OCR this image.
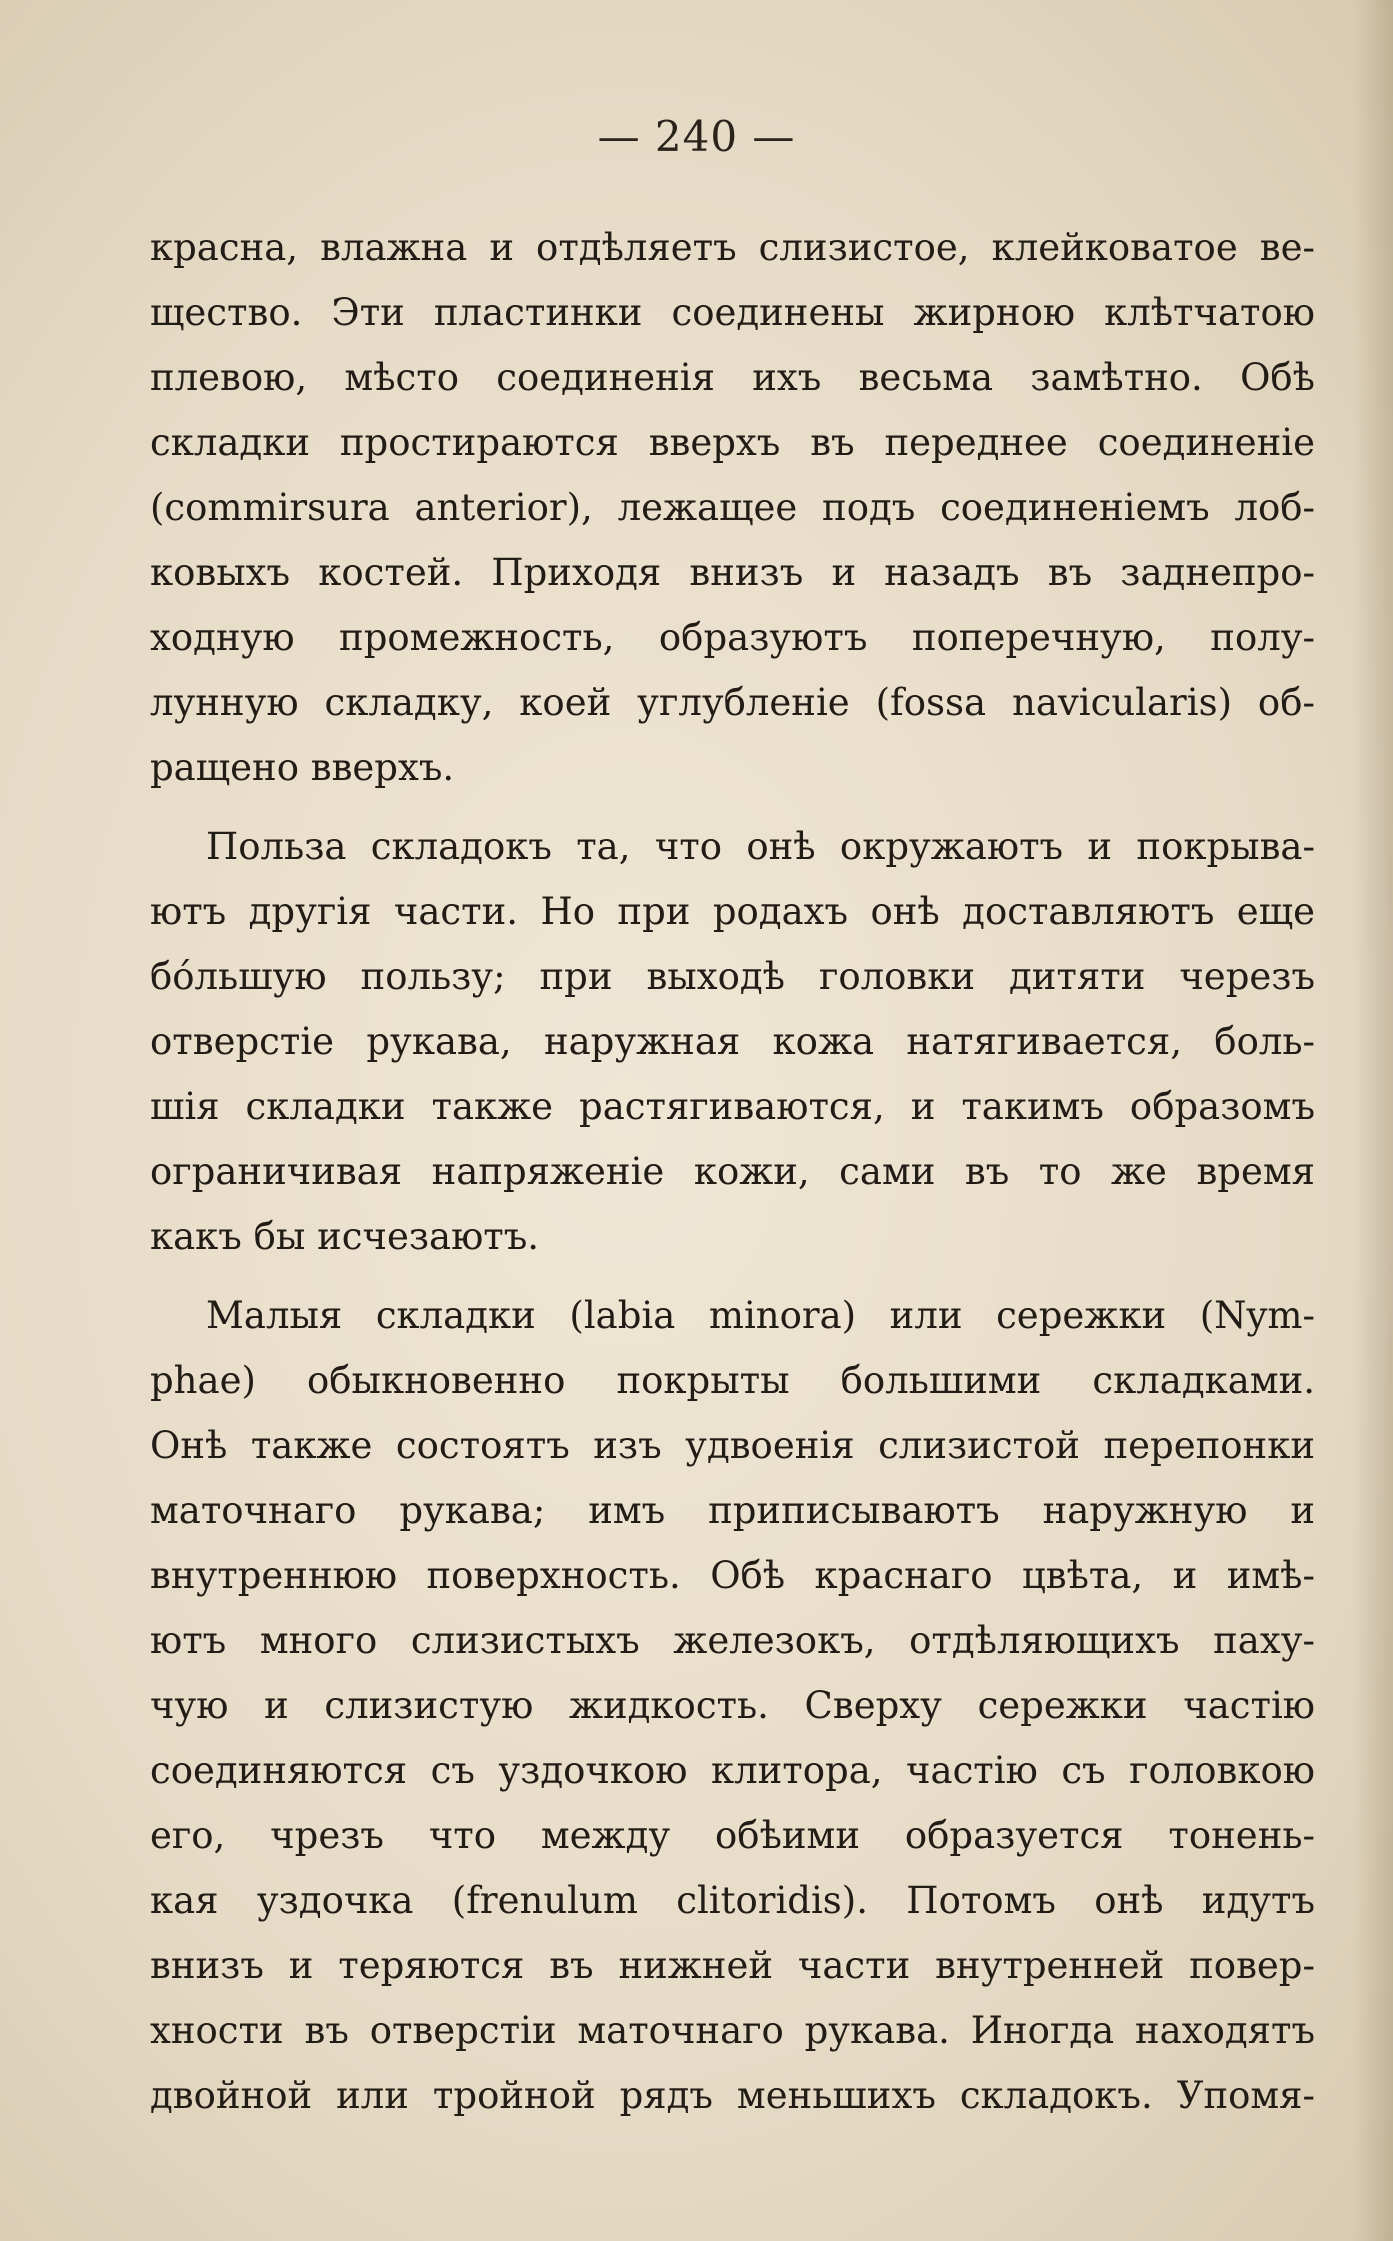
— 240 —
красна, влажна и отдѣляетъ слизистое, клейковатое ве-
щество. Эти пластинки соединены жирною клѣтчатою
плевою, мѣсто соединенія ихъ весьма замѣтно. Обѣ
складки простираются вверхъ въ переднее соединеніе
(commirsura anterior), лежащее подъ соединеніемъ лоб-
ковыхъ костей. Приходя внизъ и назадъ въ заднепро-
ходную промежность, образуютъ поперечную, полу-
лунную складку, коей углубленіе (fossa navicularis) об-
ращено вверхъ.
Польза складокъ та, что онѣ окружаютъ и покрыва-
ютъ другія части. Но при родахъ онѣ доставляютъ еще
бо́льшую пользу; при выходѣ головки дитяти черезъ
отверстіе рукава, наружная кожа натягивается, боль-
шія складки также растягиваются, и такимъ образомъ
ограничивая напряженіе кожи, сами въ то же время
какъ бы исчезаютъ.
Малыя складки (labia minora) или сережки (Nym-
phae) обыкновенно покрыты большими складками.
Онѣ также состоятъ изъ удвоенія слизистой перепонки
маточнаго рукава; имъ приписываютъ наружную и
внутреннюю поверхность. Обѣ краснаго цвѣта, и имѣ-
ютъ много слизистыхъ железокъ, отдѣляющихъ паху-
чую и слизистую жидкость. Сверху сережки частію
соединяются съ уздочкою клитора, частію съ головкою
его, чрезъ что между обѣими образуется тонень-
кая уздочка (frenulum clitoridis). Потомъ онѣ идутъ
внизъ и теряются въ нижней части внутренней повер-
хности въ отверстіи маточнаго рукава. Иногда находятъ
двойной или тройной рядъ меньшихъ складокъ. Упомя-
